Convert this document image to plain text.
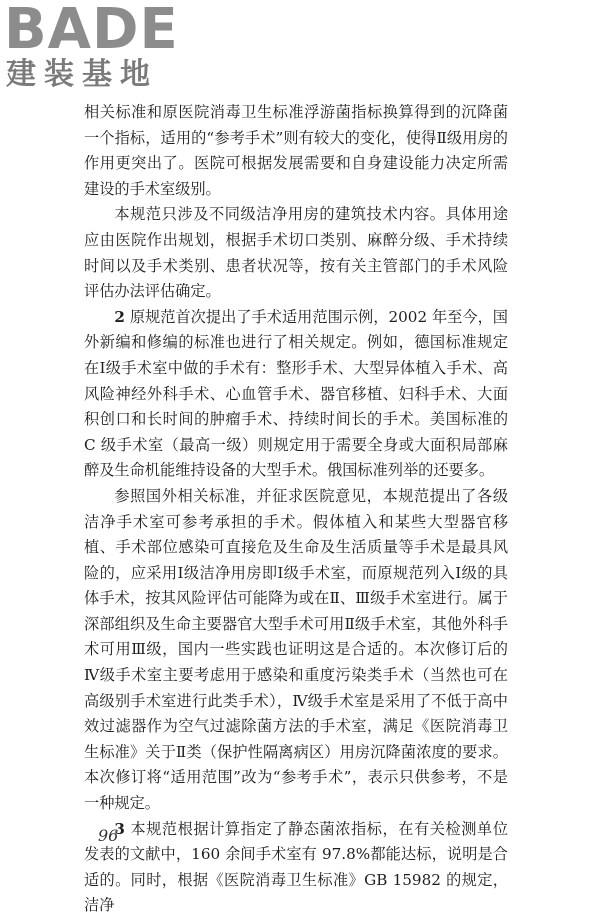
BADE
建装基地

相关标准和原医院消毒卫生标准浮游菌指标换算得到的沉降菌一个指标，适用的“参考手术”则有较大的变化，使得Ⅱ级用房的作用更突出了。医院可根据发展需要和自身建设能力决定所需建设的手术室级别。

本规范只涉及不同级洁净用房的建筑技术内容。具体用途应由医院作出规划，根据手术切口类别、麻醉分级、手术持续时间以及手术类别、患者状况等，按有关主管部门的手术风险评估办法评估确定。

2 原规范首次提出了手术适用范围示例，2002 年至今，国外新编和修编的标准也进行了相关规定。例如，德国标准规定在Ⅰ级手术室中做的手术有：整形手术、大型异体植入手术、高风险神经外科手术、心血管手术、器官移植、妇科手术、大面积创口和长时间的肿瘤手术、持续时间长的手术。美国标准的 C 级手术室（最高一级）则规定用于需要全身或大面积局部麻醉及生命机能维持设备的大型手术。俄国标准列举的还要多。

参照国外相关标准，并征求医院意见，本规范提出了各级洁净手术室可参考承担的手术。假体植入和某些大型器官移植、手术部位感染可直接危及生命及生活质量等手术是最具风险的，应采用Ⅰ级洁净用房即Ⅰ级手术室，而原规范列入Ⅰ级的具体手术，按其风险评估可能降为或在Ⅱ、Ⅲ级手术室进行。属于深部组织及生命主要器官大型手术可用Ⅱ级手术室，其他外科手术可用Ⅲ级，国内一些实践也证明这是合适的。本次修订后的Ⅳ级手术室主要考虑用于感染和重度污染类手术（当然也可在高级别手术室进行此类手术），Ⅳ级手术室是采用了不低于高中效过滤器作为空气过滤除菌方法的手术室，满足《医院消毒卫生标准》关于Ⅱ类（保护性隔离病区）用房沉降菌浓度的要求。本次修订将“适用范围”改为“参考手术”，表示只供参考，不是一种规定。

3 本规范根据计算指定了静态菌浓指标，在有关检测单位发表的文献中，160 余间手术室有 97.8%都能达标，说明是合适的。同时，根据《医院消毒卫生标准》GB 15982 的规定，洁净

96
